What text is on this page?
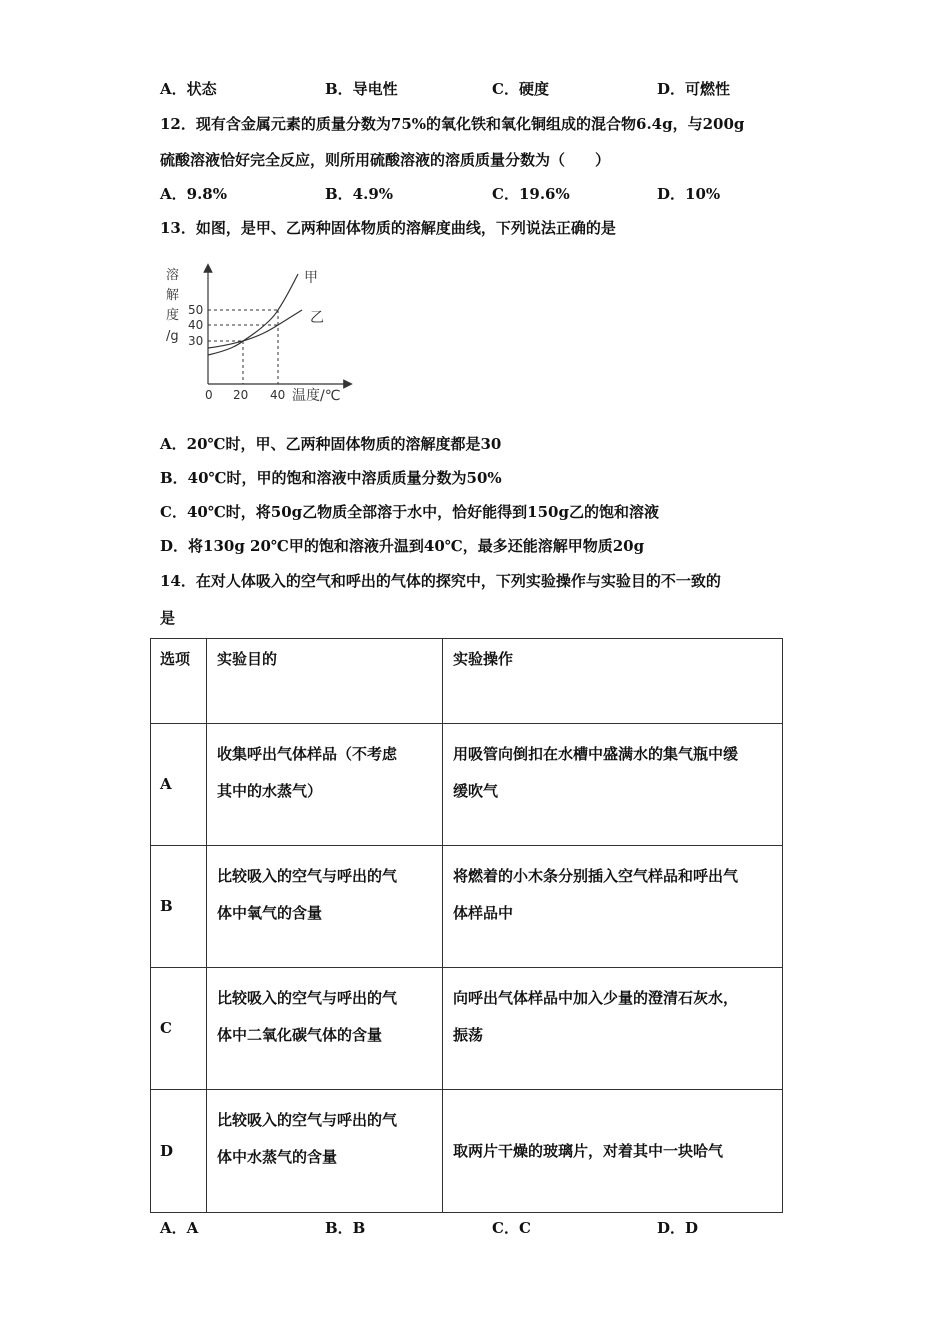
A．状态	B．导电性	C．硬度	D．可燃性
12．现有含金属元素的质量分数为75%的氧化铁和氧化铜组成的混合物6.4g，与200g
硫酸溶液恰好完全反应，则所用硫酸溶液的溶质质量分数为（　　）
A．9.8%	B．4.9%	C．19.6%	D．10%
13．如图，是甲、乙两种固体物质的溶解度曲线，下列说法正确的是
溶
解
度
/g
50
40
30
0 20 40 温度/℃
甲
乙
A．20℃时，甲、乙两种固体物质的溶解度都是30
B．40℃时，甲的饱和溶液中溶质质量分数为50%
C．40℃时，将50g乙物质全部溶于水中，恰好能得到150g乙的饱和溶液
D．将130g 20℃甲的饱和溶液升温到40℃，最多还能溶解甲物质20g
14．在对人体吸入的空气和呼出的气体的探究中，下列实验操作与实验目的不一致的
是
选项	实验目的	实验操作
A	收集呼出气体样品（不考虑
其中的水蒸气）	用吸管向倒扣在水槽中盛满水的集气瓶中缓
缓吹气
B	比较吸入的空气与呼出的气
体中氧气的含量	将燃着的小木条分别插入空气样品和呼出气
体样品中
C	比较吸入的空气与呼出的气
体中二氧化碳气体的含量	向呼出气体样品中加入少量的澄清石灰水，
振荡
D	比较吸入的空气与呼出的气
体中水蒸气的含量	取两片干燥的玻璃片，对着其中一块哈气
A．A	B．B	C．C	D．D
